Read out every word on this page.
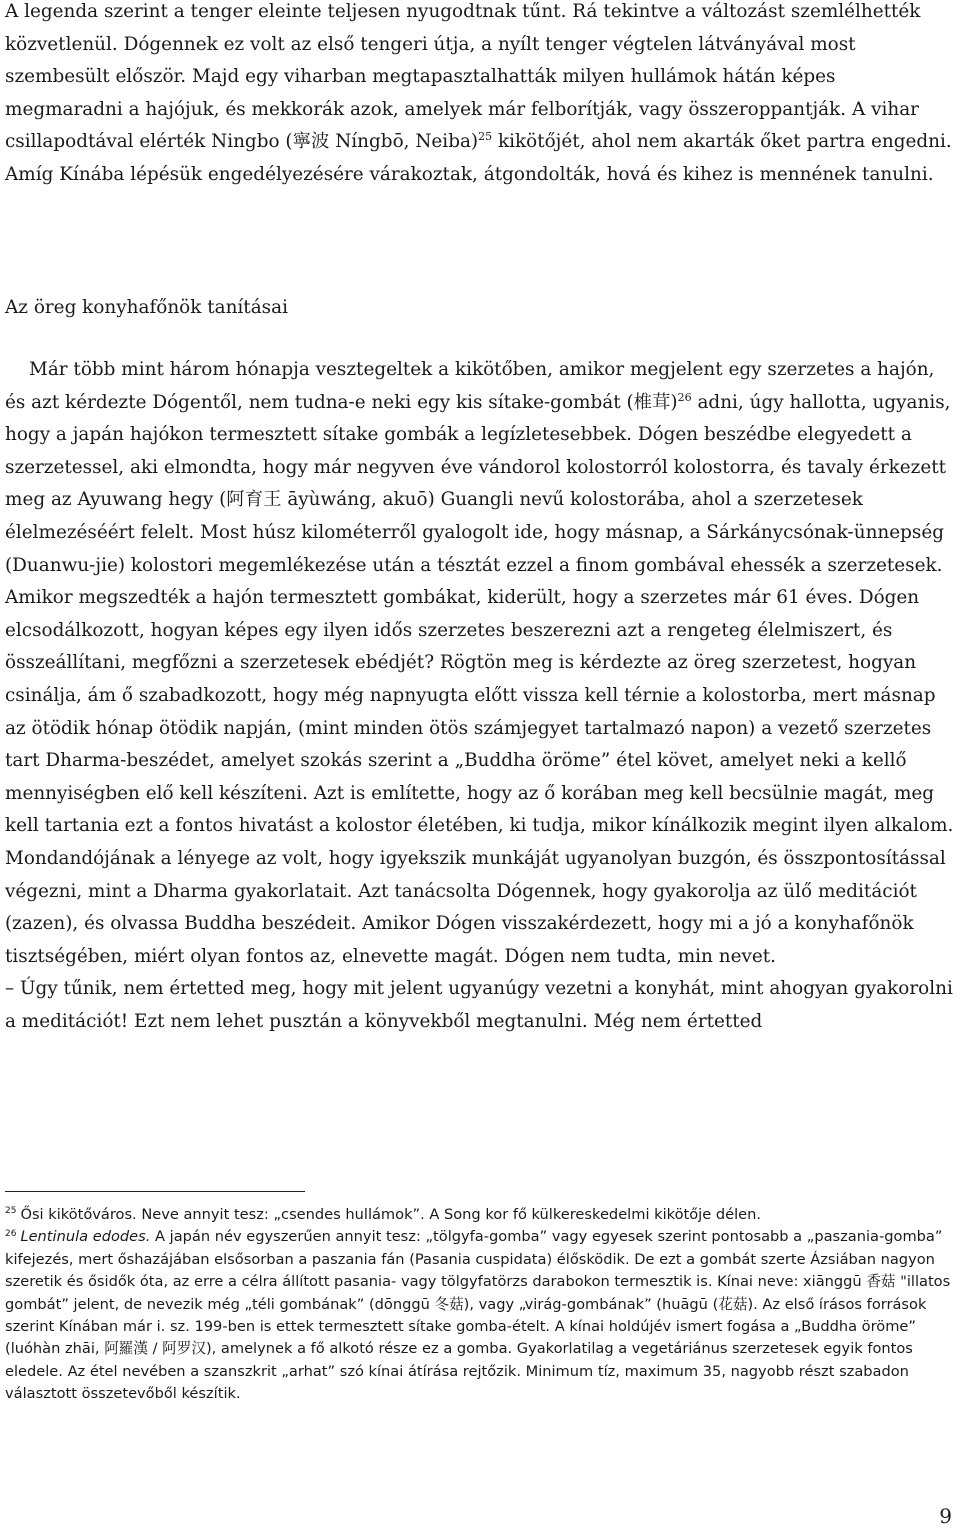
A legenda szerint a tenger eleinte teljesen nyugodtnak tűnt. Rá tekintve a változást szemlélhették közvetlenül. Dógennek ez volt az első tengeri útja, a nyílt tenger végtelen látványával most szembesült először. Majd egy viharban megtapasztalhatták milyen hullámok hátán képes megmaradni a hajójuk, és mekkorák azok, amelyek már felborítják, vagy összeroppantják. A vihar csillapodtával elérték Ningbo (寧波 Níngbō, Neiba)$^{25}$ kikötőjét, ahol nem akarták őket partra engedni. Amíg Kínába lépésük engedélyezésére várakoztak, átgondolták, hová és kihez is mennének tanulni.

Az öreg konyhafőnök tanításai

Már több mint három hónapja vesztegeltek a kikötőben, amikor megjelent egy szerzetes a hajón, és azt kérdezte Dógentől, nem tudna-e neki egy kis sítake-gombát (椎茸)$^{26}$ adni, úgy hallotta, ugyanis, hogy a japán hajókon termesztett sítake gombák a legízletesebbek. Dógen beszédbe elegyedett a szerzetessel, aki elmondta, hogy már negyven éve vándorol kolostorról kolostorra, és tavaly érkezett meg az Ayuwang hegy (阿育王 āyùwáng, akuō) Guangli nevű kolostorába, ahol a szerzetesek élelmezéséért felelt. Most húsz kilométerről gyalogolt ide, hogy másnap, a Sárkánycsónak-ünnepség (Duanwu-jie) kolostori megemlékezése után a tésztát ezzel a finom gombával ehessék a szerzetesek. Amikor megszedték a hajón termesztett gombákat, kiderült, hogy a szerzetes már 61 éves. Dógen elcsodálkozott, hogyan képes egy ilyen idős szerzetes beszerezni azt a rengeteg élelmiszert, és összeállítani, megfőzni a szerzetesek ebédjét? Rögtön meg is kérdezte az öreg szerzetest, hogyan csinálja, ám ő szabadkozott, hogy még napnyugta előtt vissza kell térnie a kolostorba, mert másnap az ötödik hónap ötödik napján, (mint minden ötös számjegyet tartalmazó napon) a vezető szerzetes tart Dharma-beszédet, amelyet szokás szerint a „Buddha öröme” étel követ, amelyet neki a kellő mennyiségben elő kell készíteni. Azt is említette, hogy az ő korában meg kell becsülnie magát, meg kell tartania ezt a fontos hivatást a kolostor életében, ki tudja, mikor kínálkozik megint ilyen alkalom. Mondandójának a lényege az volt, hogy igyekszik munkáját ugyanolyan buzgón, és összpontosítással végezni, mint a Dharma gyakorlatait. Azt tanácsolta Dógennek, hogy gyakorolja az ülő meditációt (zazen), és olvassa Buddha beszédeit. Amikor Dógen visszakérdezett, hogy mi a jó a konyhafőnök tisztségében, miért olyan fontos az, elnevette magát. Dógen nem tudta, min nevet.

– Úgy tűnik, nem értetted meg, hogy mit jelent ugyanúgy vezetni a konyhát, mint ahogyan gyakorolni a meditációt! Ezt nem lehet pusztán a könyvekből megtanulni. Még nem értetted

$^{25}$ Ősi kikötőváros. Neve annyit tesz: „csendes hullámok”. A Song kor fő külkereskedelmi kikötője délen.

$^{26}$ Lentinula edodes. A japán név egyszerűen annyit tesz: „tölgyfa-gomba” vagy egyesek szerint pontosabb a „paszania-gomba” kifejezés, mert őshazájában elsősorban a paszania fán (Pasania cuspidata) élősködik. De ezt a gombát szerte Ázsiában nagyon szeretik és ősidők óta, az erre a célra állított pasania- vagy tölgyfatörzs darabokon termesztik is. Kínai neve: xiānggū 香菇 "illatos gombát” jelent, de nevezik még „téli gombának” (dōnggū 冬菇), vagy „virág-gombának” (huāgū (花菇). Az első írásos források szerint Kínában már i. sz. 199-ben is ettek termesztett sítake gomba-ételt. A kínai holdújév ismert fogása a „Buddha öröme” (luóhàn zhāi, 阿羅漢 / 阿罗汉), amelynek a fő alkotó része ez a gomba. Gyakorlatilag a vegetáriánus szerzetesek egyik fontos eledele. Az étel nevében a szanszkrit „arhat” szó kínai átírása rejtőzik. Minimum tíz, maximum 35, nagyobb részt szabadon választott összetevőből készítik.

9
